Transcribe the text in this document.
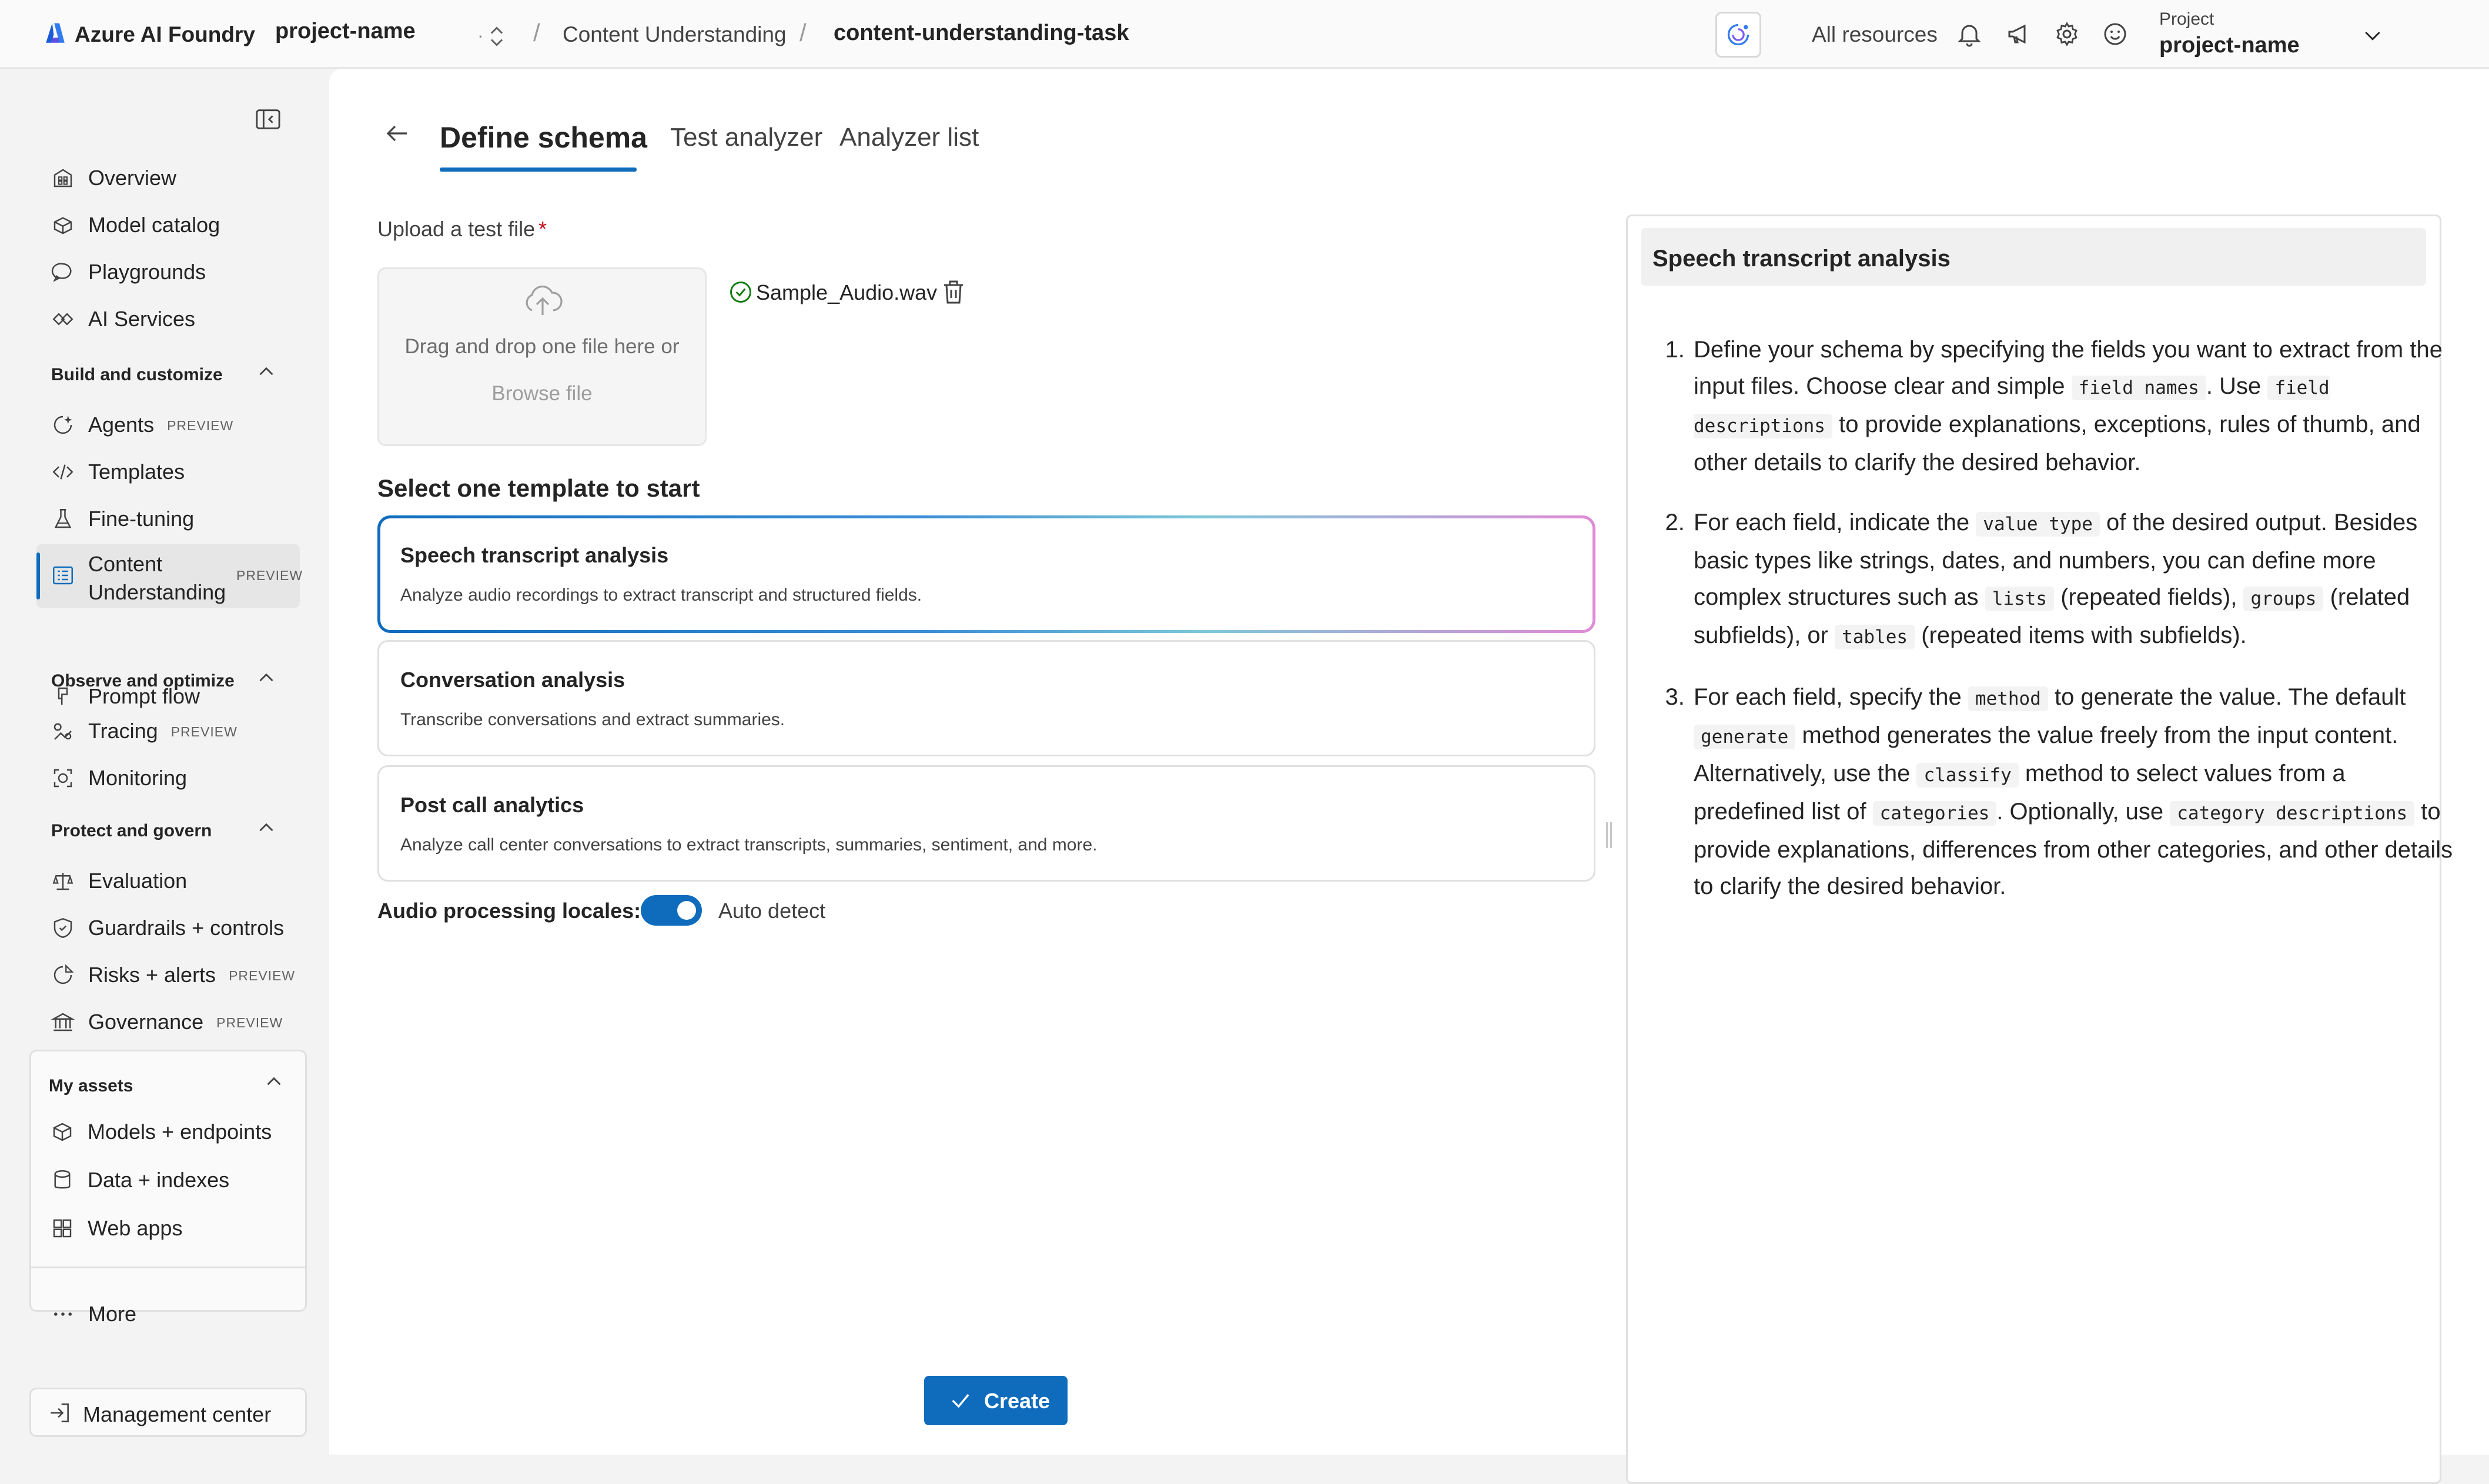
Azure AI Foundry project-name	· / Content Understanding / content-understanding-task	All resources
Project
project-name
Overview
Model catalog
Playgrounds
AI Services
Build and customize
Agents PREVIEW
Templates
Fine-tuning
Content Understanding
PREVIEW
Prompt flow
Observe and optimize
Tracing PREVIEW
Monitoring
Protect and govern
Evaluation
Guardrails + controls
Risks + alerts PREVIEW
Governance PREVIEW
My assets
Models + endpoints
Data + indexes
Web apps
More
Management center
Define schema Test analyzer Analyzer list
Upload a test file *
Drag and drop one file here or
Browse file
Sample_Audio.wav
Select one template to start
Speech transcript analysis
Analyze audio recordings to extract transcript and structured fields.
Conversation analysis
Transcribe conversations and extract summaries.
Post call analytics
Analyze call center conversations to extract transcripts, summaries, sentiment, and more.
Audio processing locales:	Auto detect
Create
Speech transcript analysis
1. Define your schema by specifying the fields you want to extract from the input files. Choose clear and simple field names . Use field descriptions to provide explanations, exceptions, rules of thumb, and other details to clarify the desired behavior.
2. For each field, indicate the value type of the desired output. Besides basic types like strings, dates, and numbers, you can define more complex structures such as lists (repeated fields), groups (related subfields), or tables (repeated items with subfields).
3. For each field, specify the method to generate the value. The default generate method generates the value freely from the input content. Alternatively, use the classify method to select values from a predefined list of categories . Optionally, use category descriptions to provide explanations, differences from other categories, and other details to clarify the desired behavior.
